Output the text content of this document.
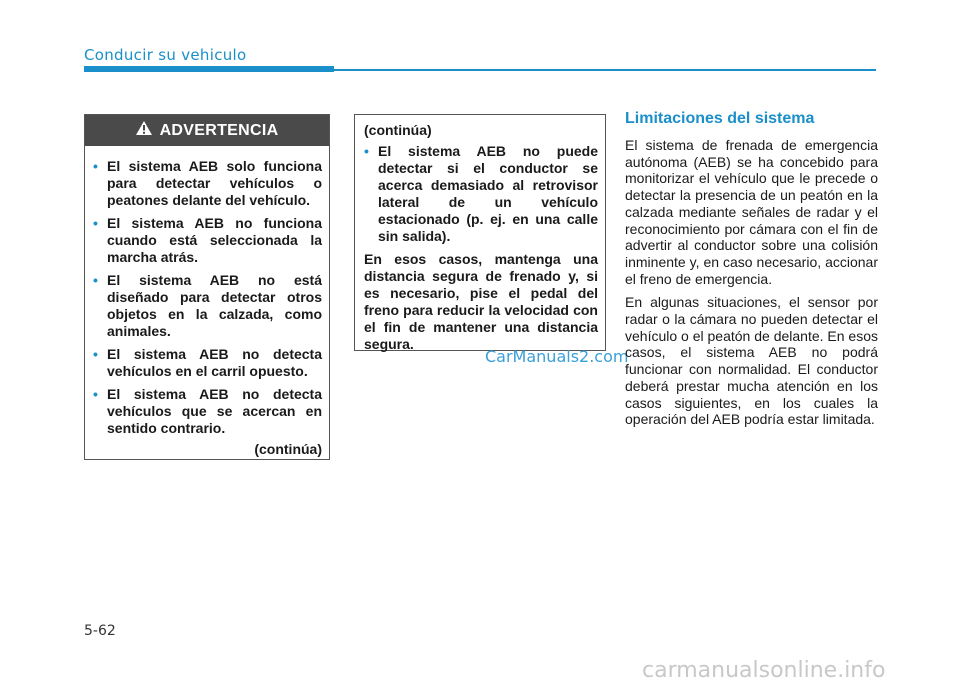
Conducir su vehiculo
ADVERTENCIA
• El sistema AEB solo funciona para detectar vehículos o peatones delante del vehículo.
• El sistema AEB no funciona cuando está seleccionada la marcha atrás.
• El sistema AEB no está diseñado para detectar otros objetos en la calzada, como animales.
• El sistema AEB no detecta vehículos en el carril opuesto.
• El sistema AEB no detecta vehículos que se acercan en sentido contrario.
(continúa)
(continúa)
• El sistema AEB no puede detectar si el conductor se acerca demasiado al retrovisor lateral de un vehículo estacionado (p. ej. en una calle sin salida).
En esos casos, mantenga una distancia segura de frenado y, si es necesario, pise el pedal del freno para reducir la velocidad con el fin de mantener una distancia segura.
CarManuals2.com
Limitaciones del sistema

El sistema de frenada de emergencia autónoma (AEB) se ha concebido para monitorizar el vehículo que le precede o detectar la presencia de un peatón en la calzada mediante señales de radar y el reconocimiento por cámara con el fin de advertir al conductor sobre una colisión inminente y, en caso necesario, accionar el freno de emergencia.

En algunas situaciones, el sensor por radar o la cámara no pueden detectar el vehículo o el peatón de delante. En esos casos, el sistema AEB no podrá funcionar con normalidad. El conductor deberá prestar mucha atención en los casos siguientes, en los cuales la operación del AEB podría estar limitada.

5-62
carmanualsonline.info
